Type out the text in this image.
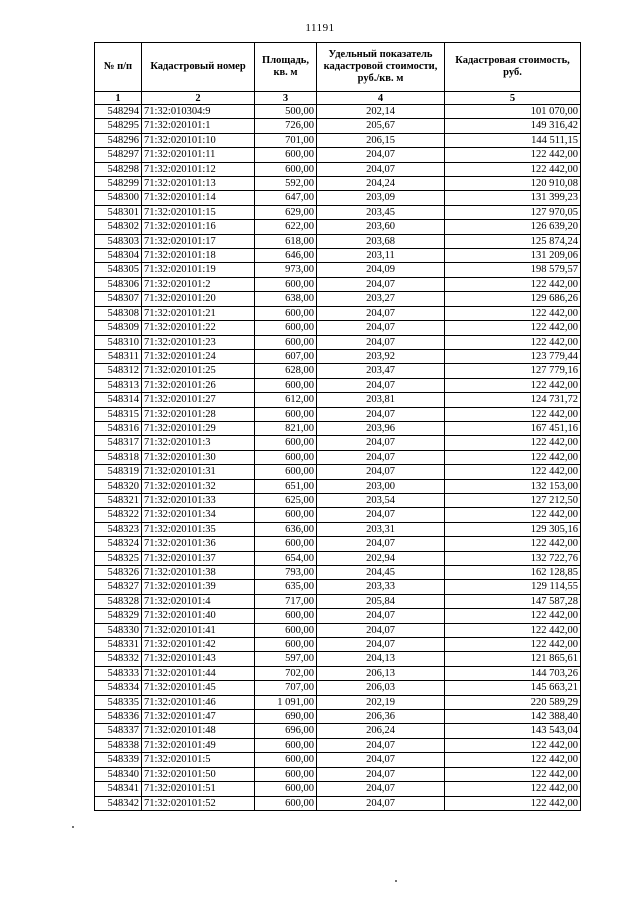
11191
№ п/п	Кадастровый номер	Площадь, кв. м	Удельный показатель кадастровой стоимости, руб./кв. м	Кадастровая стоимость, руб.
1	2	3	4	5
548294	71:32:010304:9	500,00	202,14	101 070,00
548295	71:32:020101:1	726,00	205,67	149 316,42
548296	71:32:020101:10	701,00	206,15	144 511,15
548297	71:32:020101:11	600,00	204,07	122 442,00
548298	71:32:020101:12	600,00	204,07	122 442,00
548299	71:32:020101:13	592,00	204,24	120 910,08
548300	71:32:020101:14	647,00	203,09	131 399,23
548301	71:32:020101:15	629,00	203,45	127 970,05
548302	71:32:020101:16	622,00	203,60	126 639,20
548303	71:32:020101:17	618,00	203,68	125 874,24
548304	71:32:020101:18	646,00	203,11	131 209,06
548305	71:32:020101:19	973,00	204,09	198 579,57
548306	71:32:020101:2	600,00	204,07	122 442,00
548307	71:32:020101:20	638,00	203,27	129 686,26
548308	71:32:020101:21	600,00	204,07	122 442,00
548309	71:32:020101:22	600,00	204,07	122 442,00
548310	71:32:020101:23	600,00	204,07	122 442,00
548311	71:32:020101:24	607,00	203,92	123 779,44
548312	71:32:020101:25	628,00	203,47	127 779,16
548313	71:32:020101:26	600,00	204,07	122 442,00
548314	71:32:020101:27	612,00	203,81	124 731,72
548315	71:32:020101:28	600,00	204,07	122 442,00
548316	71:32:020101:29	821,00	203,96	167 451,16
548317	71:32:020101:3	600,00	204,07	122 442,00
548318	71:32:020101:30	600,00	204,07	122 442,00
548319	71:32:020101:31	600,00	204,07	122 442,00
548320	71:32:020101:32	651,00	203,00	132 153,00
548321	71:32:020101:33	625,00	203,54	127 212,50
548322	71:32:020101:34	600,00	204,07	122 442,00
548323	71:32:020101:35	636,00	203,31	129 305,16
548324	71:32:020101:36	600,00	204,07	122 442,00
548325	71:32:020101:37	654,00	202,94	132 722,76
548326	71:32:020101:38	793,00	204,45	162 128,85
548327	71:32:020101:39	635,00	203,33	129 114,55
548328	71:32:020101:4	717,00	205,84	147 587,28
548329	71:32:020101:40	600,00	204,07	122 442,00
548330	71:32:020101:41	600,00	204,07	122 442,00
548331	71:32:020101:42	600,00	204,07	122 442,00
548332	71:32:020101:43	597,00	204,13	121 865,61
548333	71:32:020101:44	702,00	206,13	144 703,26
548334	71:32:020101:45	707,00	206,03	145 663,21
548335	71:32:020101:46	1 091,00	202,19	220 589,29
548336	71:32:020101:47	690,00	206,36	142 388,40
548337	71:32:020101:48	696,00	206,24	143 543,04
548338	71:32:020101:49	600,00	204,07	122 442,00
548339	71:32:020101:5	600,00	204,07	122 442,00
548340	71:32:020101:50	600,00	204,07	122 442,00
548341	71:32:020101:51	600,00	204,07	122 442,00
548342	71:32:020101:52	600,00	204,07	122 442,00
